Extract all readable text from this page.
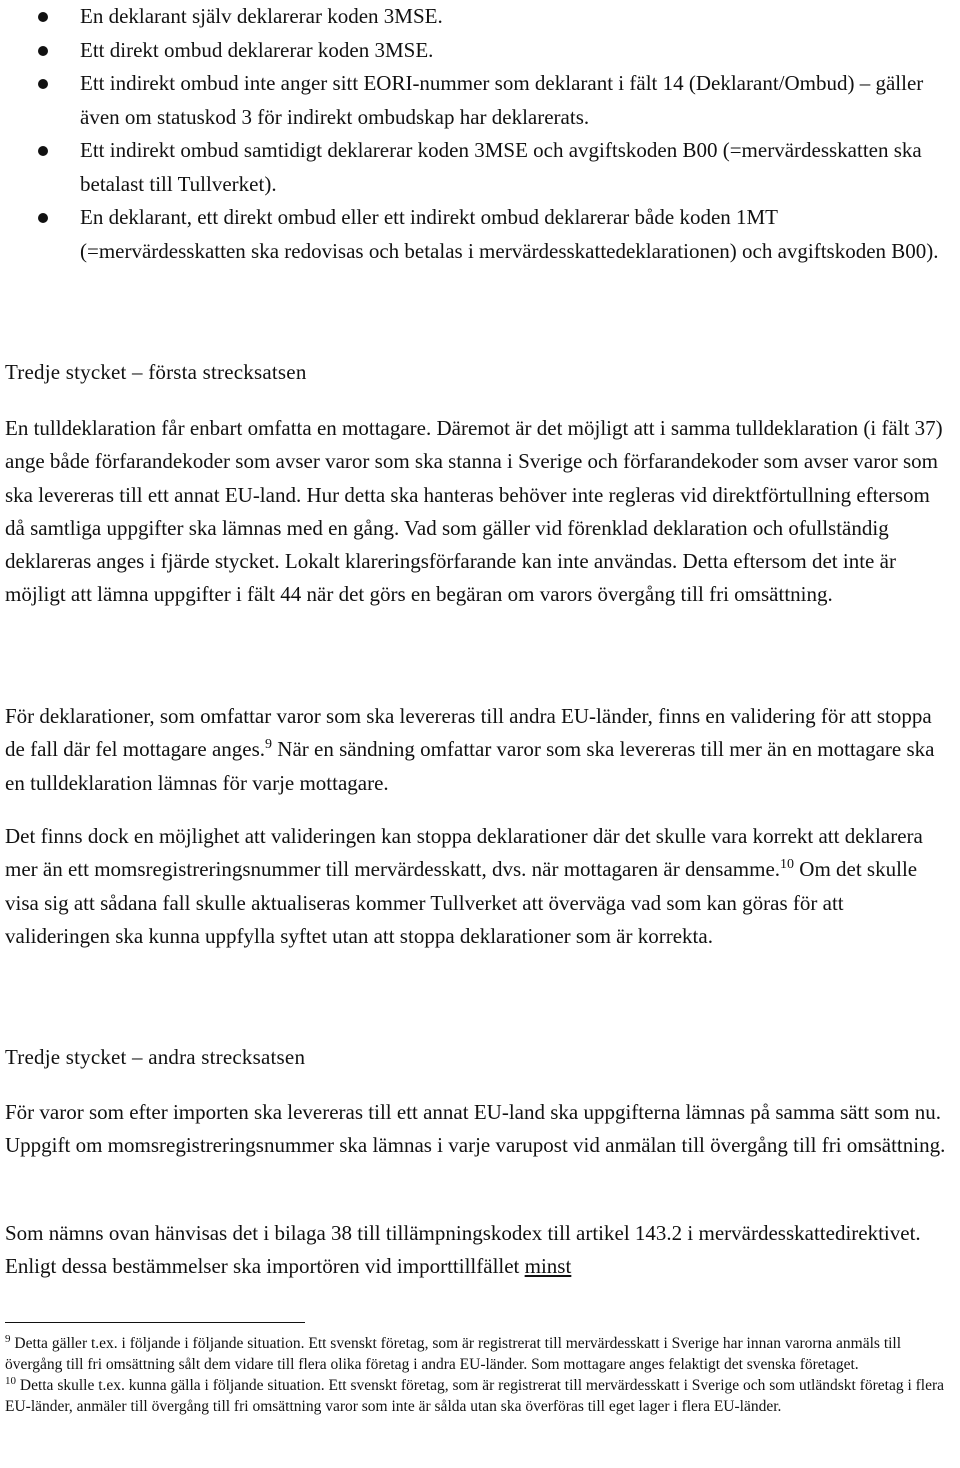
En deklarant själv deklarerar koden 3MSE.
Ett direkt ombud deklarerar koden 3MSE.
Ett indirekt ombud inte anger sitt EORI-nummer som deklarant i fält 14 (Deklarant/Ombud) – gäller även om statuskod 3 för indirekt ombudskap har deklarerats.
Ett indirekt ombud samtidigt deklarerar koden 3MSE och avgiftskoden B00 (=mervärdesskatten ska betalast till Tullverket).
En deklarant, ett direkt ombud eller ett indirekt ombud deklarerar både koden 1MT (=mervärdesskatten ska redovisas och betalas i mervärdesskattedeklarationen) och avgiftskoden B00).
Tredje stycket – första strecksatsen

En tulldeklaration får enbart omfatta en mottagare. Däremot är det möjligt att i samma tulldeklaration (i fält 37) ange både förfarandekoder som avser varor som ska stanna i Sverige och förfarandekoder som avser varor som ska levereras till ett annat EU-land. Hur detta ska hanteras behöver inte regleras vid direktförtullning eftersom då samtliga uppgifter ska lämnas med en gång. Vad som gäller vid förenklad deklaration och ofullständig deklareras anges i fjärde stycket. Lokalt klareringsförfarande kan inte användas. Detta eftersom det inte är möjligt att lämna uppgifter i fält 44 när det görs en begäran om varors övergång till fri omsättning.

För deklarationer, som omfattar varor som ska levereras till andra EU-länder, finns en validering för att stoppa de fall där fel mottagare anges.$^9$ När en sändning omfattar varor som ska levereras till mer än en mottagare ska en tulldeklaration lämnas för varje mottagare.

Det finns dock en möjlighet att valideringen kan stoppa deklarationer där det skulle vara korrekt att deklarera mer än ett momsregistreringsnummer till mervärdesskatt, dvs. när mottagaren är densamme.$^{10}$ Om det skulle visa sig att sådana fall skulle aktualiseras kommer Tullverket att överväga vad som kan göras för att valideringen ska kunna uppfylla syftet utan att stoppa deklarationer som är korrekta.

Tredje stycket – andra strecksatsen

För varor som efter importen ska levereras till ett annat EU-land ska uppgifterna lämnas på samma sätt som nu. Uppgift om momsregistreringsnummer ska lämnas i varje varupost vid anmälan till övergång till fri omsättning.

Som nämns ovan hänvisas det i bilaga 38 till tillämpningskodex till artikel 143.2 i mervärdesskattedirektivet. Enligt dessa bestämmelser ska importören vid importtillfället minst

$^9$ Detta gäller t.ex. i följande i följande situation. Ett svenskt företag, som är registrerat till mervärdesskatt i Sverige har innan varorna anmäls till övergång till fri omsättning sålt dem vidare till flera olika företag i andra EU-länder. Som mottagare anges felaktigt det svenska företaget.

$^{10}$ Detta skulle t.ex. kunna gälla i följande situation. Ett svenskt företag, som är registrerat till mervärdesskatt i Sverige och som utländskt företag i flera EU-länder, anmäler till övergång till fri omsättning varor som inte är sålda utan ska överföras till eget lager i flera EU-länder.
